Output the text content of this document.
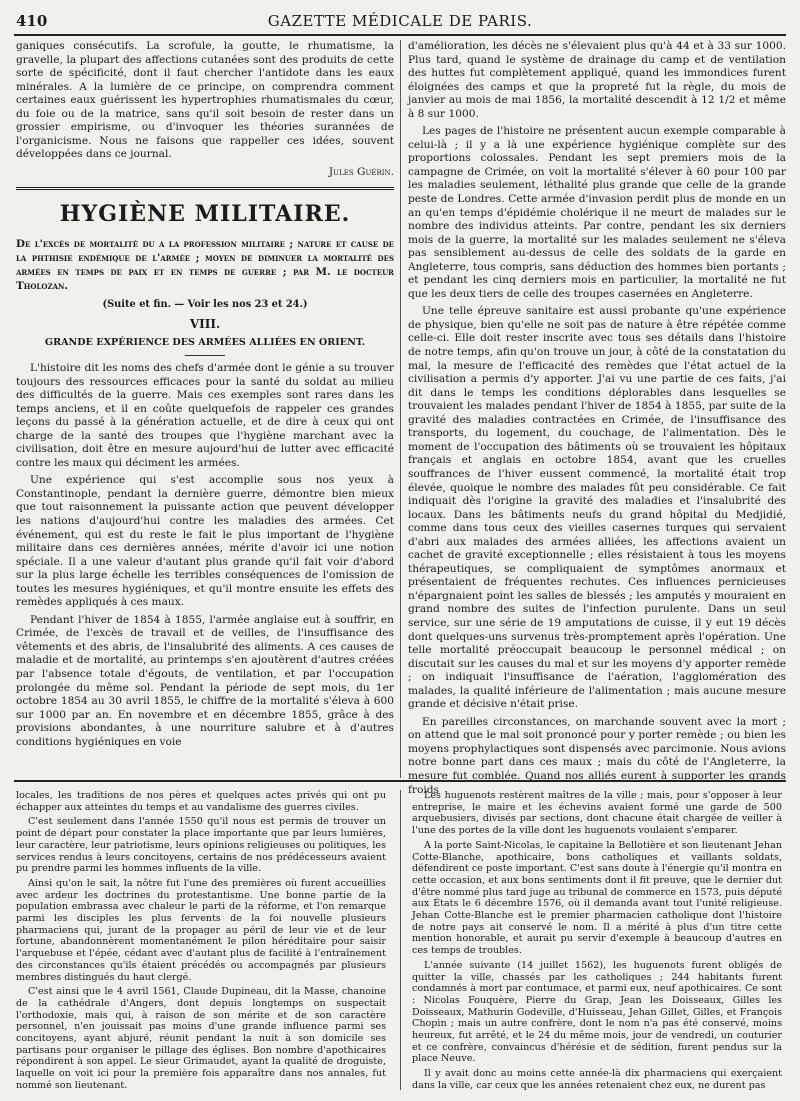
410	GAZETTE MÉDICALE DE PARIS.

ganiques consécutifs. La scrofule, la goutte, le rhumatisme, la gravelle, la plupart des affections cutanées sont des produits de cette sorte de spécificité, dont il faut chercher l'antidote dans les eaux minérales. A la lumière de ce principe, on comprendra comment certaines eaux guérissent les hypertrophies rhumatismales du cœur, du foie ou de la matrice, sans qu'il soit besoin de rester dans un grossier empirisme, ou d'invoquer les théories surannées de l'organicisme. Nous ne faisons que rappeller ces idées, souvent développées dans ce journal.

Jules Guérin.
HYGIÈNE MILITAIRE.
De l'excès de mortalité du a la profession militaire ; nature et cause de la phthisie endémique de l'armée ; moyen de diminuer la mortalité des armées en temps de paix et en temps de guerre ; par M. le docteur Tholozan.
(Suite et fin. — Voir les nos 23 et 24.)
VIII.
GRANDE EXPÉRIENCE DES ARMÉES ALLIÉES EN ORIENT.

L'histoire dit les noms des chefs d'armée dont le génie a su trouver toujours des ressources efficaces pour la santé du soldat au milieu des difficultés de la guerre. Mais ces exemples sont rares dans les temps anciens, et il en coûte quelquefois de rappeler ces grandes leçons du passé à la génération actuelle, et de dire à ceux qui ont charge de la santé des troupes que l'hygiène marchant avec la civilisation, doit être en mesure aujourd'hui de lutter avec efficacité contre les maux qui déciment les armées.

Une expérience qui s'est accomplie sous nos yeux à Constantinople, pendant la dernière guerre, démontre bien mieux que tout raisonnement la puissante action que peuvent développer les nations d'aujourd'hui contre les maladies des armées. Cet événement, qui est du reste le fait le plus important de l'hygiène militaire dans ces dernières années, mérite d'avoir ici une notion spéciale. Il a une valeur d'autant plus grande qu'il fait voir d'abord sur la plus large échelle les terribles conséquences de l'omission de toutes les mesures hygiéniques, et qu'il montre ensuite les effets des remèdes appliqués à ces maux.

Pendant l'hiver de 1854 à 1855, l'armée anglaise eut à souffrir, en Crimée, de l'excès de travail et de veilles, de l'insuffisance des vêtements et des abris, de l'insalubrité des aliments. A ces causes de maladie et de mortalité, au printemps s'en ajoutèrent d'autres créées par l'absence totale d'égouts, de ventilation, et par l'occupation prolongée du même sol. Pendant la période de sept mois, du 1er octobre 1854 au 30 avril 1855, le chiffre de la mortalité s'éleva à 600 sur 1000 par an. En novembre et en décembre 1855, grâce à des provisions abondantes, à une nourriture salubre et à d'autres conditions hygiéniques en voie

d'amélioration, les décès ne s'élevaient plus qu'à 44 et à 33 sur 1000. Plus tard, quand le système de drainage du camp et de ventilation des huttes fut complètement appliqué, quand les immondices furent éloignées des camps et que la propreté fut la règle, du mois de janvier au mois de mai 1856, la mortalité descendit à 12 1/2 et même à 8 sur 1000.

Les pages de l'histoire ne présentent aucun exemple comparable à celui-là ; il y a là une expérience hygiénique complète sur des proportions colossales. Pendant les sept premiers mois de la campagne de Crimée, on voit la mortalité s'élever à 60 pour 100 par les maladies seulement, léthalité plus grande que celle de la grande peste de Londres. Cette armée d'invasion perdit plus de monde en un an qu'en temps d'épidémie cholérique il ne meurt de malades sur le nombre des individus atteints. Par contre, pendant les six derniers mois de la guerre, la mortalité sur les malades seulement ne s'éleva pas sensiblement au-dessus de celle des soldats de la garde en Angleterre, tous compris, sans déduction des hommes bien portants ; et pendant les cinq derniers mois en particulier, la mortalité ne fut que les deux tiers de celle des troupes casernées en Angleterre.

Une telle épreuve sanitaire est aussi probante qu'une expérience de physique, bien qu'elle ne soit pas de nature à être répétée comme celle-ci. Elle doit rester inscrite avec tous ses détails dans l'histoire de notre temps, afin qu'on trouve un jour, à côté de la constatation du mal, la mesure de l'efficacité des remèdes que l'état actuel de la civilisation a permis d'y apporter. J'ai vu une partie de ces faits, j'ai dit dans le temps les conditions déplorables dans lesquelles se trouvaient les malades pendant l'hiver de 1854 à 1855, par suite de la gravité des maladies contractées en Crimée, de l'insuffisance des transports, du logement, du couchage, de l'alimentation. Dès le moment de l'occupation des bâtiments où se trouvaient les hôpitaux français et anglais en octobre 1854, avant que les cruelles souffrances de l'hiver eussent commencé, la mortalité était trop élevée, quoique le nombre des malades fût peu considérable. Ce fait indiquait dès l'origine la gravité des maladies et l'insalubrité des locaux. Dans les bâtiments neufs du grand hôpital du Medjidié, comme dans tous ceux des vieilles casernes turques qui servaient d'abri aux malades des armées alliées, les affections avaient un cachet de gravité exceptionnelle ; elles résistaient à tous les moyens thérapeutiques, se compliquaient de symptômes anormaux et présentaient de fréquentes rechutes. Ces influences pernicieuses n'épargnaient point les salles de blessés ; les amputés y mouraient en grand nombre des suites de l'infection purulente. Dans un seul service, sur une série de 19 amputations de cuisse, il y eut 19 décès dont quelques-uns survenus très-promptement après l'opération. Une telle mortalité préoccupait beaucoup le personnel médical ; on discutait sur les causes du mal et sur les moyens d'y apporter remède ; on indiquait l'insuffisance de l'aération, l'agglomération des malades, la qualité inférieure de l'alimentation ; mais aucune mesure grande et décisive n'était prise.

En pareilles circonstances, on marchande souvent avec la mort ; on attend que le mal soit prononcé pour y porter remède ; ou bien les moyens prophylactiques sont dispensés avec parcimonie. Nous avions notre bonne part dans ces maux ; mais du côté de l'Angleterre, la mesure fut comblée. Quand nos alliés eurent à supporter les grands froids

locales, les traditions de nos pères et quelques actes privés qui ont pu échapper aux atteintes du temps et au vandalisme des guerres civiles.

C'est seulement dans l'année 1550 qu'il nous est permis de trouver un point de départ pour constater la place importante que par leurs lumières, leur caractère, leur patriotisme, leurs opinions religieuses ou politiques, les services rendus à leurs concitoyens, certains de nos prédécesseurs avaient pu prendre parmi les hommes influents de la ville.

Ainsi qu'on le sait, la nôtre fut l'une des premières où furent accueillies avec ardeur les doctrines du protestantisme. Une bonne partie de la population embrassa avec chaleur le parti de la réforme, et l'on remarque parmi les disciples les plus fervents de la foi nouvelle plusieurs pharmaciens qui, jurant de la propager au péril de leur vie et de leur fortune, abandonnèrent momentanément le pilon héréditaire pour saisir l'arquebuse et l'épée, cédant avec d'autant plus de facilité à l'entraînement des circonstances qu'ils étaient précédés ou accompagnés par plusieurs membres distingués du haut clergé.

C'est ainsi que le 4 avril 1561, Claude Dupineau, dit la Masse, chanoine de la cathédrale d'Angers, dont depuis longtemps on suspectait l'orthodoxie, mais qui, à raison de son mérite et de son caractère personnel, n'en jouissait pas moins d'une grande influence parmi ses concitoyens, ayant abjuré, réunit pendant la nuit à son domicile ses partisans pour organiser le pillage des églises. Bon nombre d'apothicaires répondirent à son appel. Le sieur Grimaudet, ayant la qualité de droguiste, laquelle on voit ici pour la première fois apparaître dans nos annales, fut nommé son lieutenant.

Les huguenots restèrent maîtres de la ville ; mais, pour s'opposer à leur entreprise, le maire et les échevins avaient formé une garde de 500 arquebusiers, divisés par sections, dont chacune était chargée de veiller à l'une des portes de la ville dont les huguenots voulaient s'emparer.

A la porte Saint-Nicolas, le capitaine la Bellotière et son lieutenant Jehan Cotte-Blanche, apothicaire, bons catholiques et vaillants soldats, défendirent ce poste important. C'est sans doute à l'énergie qu'il montra en cette occasion, et aux bons sentiments dont il fit preuve, que le dernier dut d'être nommé plus tard juge au tribunal de commerce en 1573, puis député aux États le 6 décembre 1576, où il demanda avant tout l'unité religieuse. Jehan Cotte-Blanche est le premier pharmacien catholique dont l'histoire de notre pays ait conservé le nom. Il a mérité à plus d'un titre cette mention honorable, et aurait pu servir d'exemple à beaucoup d'autres en ces temps de troubles.

L'année suivante (14 juillet 1562), les huguenots furent obligés de quitter la ville, chassés par les catholiques ; 244 habitants furent condamnés à mort par contumace, et parmi eux, neuf apothicaires. Ce sont : Nicolas Fouquère, Pierre du Grap, Jean les Doisseaux, Gilles les Doisseaux, Mathurin Godeville, d'Huisseau, Jehan Gillet, Gilles, et François Chopin ; mais un autre confrère, dont le nom n'a pas été conservé, moins heureux, fut arrêté, et le 24 du même mois, jour de vendredi, un couturier et ce confrère, convaincus d'hérésie et de sédition, furent pendus sur la place Neuve.

Il y avait donc au moins cette année-là dix pharmaciens qui exerçaient dans la ville, car ceux que les années retenaient chez eux, ne durent pas
